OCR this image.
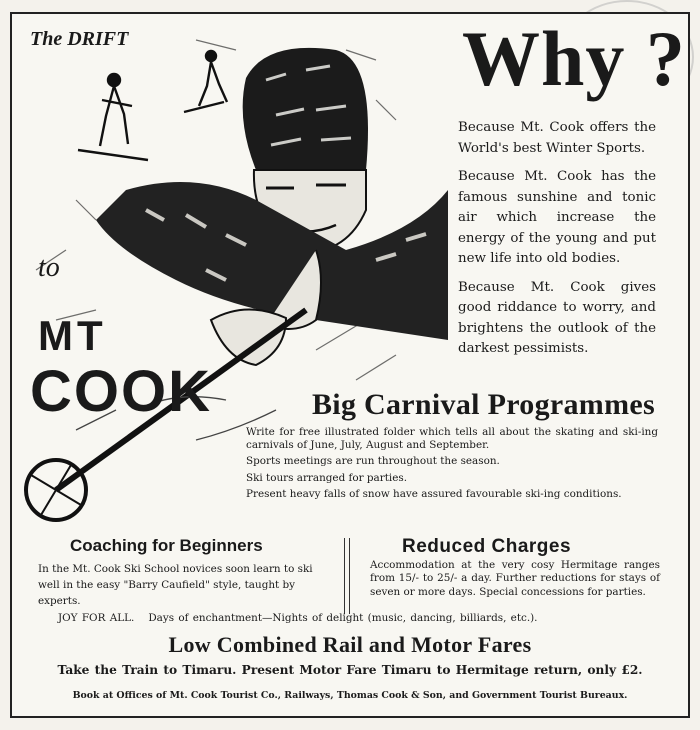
The DRIFT
to
MT
COOK
Why ?

Because Mt. Cook offers the World's best Winter Sports.

Because Mt. Cook has the famous sunshine and tonic air which increase the energy of the young and put new life into old bodies.

Because Mt. Cook gives good riddance to worry, and brightens the outlook of the darkest pessimists.

Big Carnival Programmes

Write for free illustrated folder which tells all about the skating and ski-ing carnivals of June, July, August and September.

Sports meetings are run throughout the season.

Ski tours arranged for parties.

Present heavy falls of snow have assured favourable ski-ing conditions.

Coaching for Beginners
In the Mt. Cook Ski School novices soon learn to ski well in the easy "Barry Caufield" style, taught by experts.
Reduced Charges
Accommodation at the very cosy Hermitage ranges from 15/- to 25/- a day. Further reductions for stays of seven or more days. Special concessions for parties.
JOY FOR ALL. Days of enchantment—Nights of delight (music, dancing, billiards, etc.).
Low Combined Rail and Motor Fares
Take the Train to Timaru. Present Motor Fare Timaru to Hermitage return, only £2.
Book at Offices of Mt. Cook Tourist Co., Railways, Thomas Cook & Son, and Government Tourist Bureaux.
